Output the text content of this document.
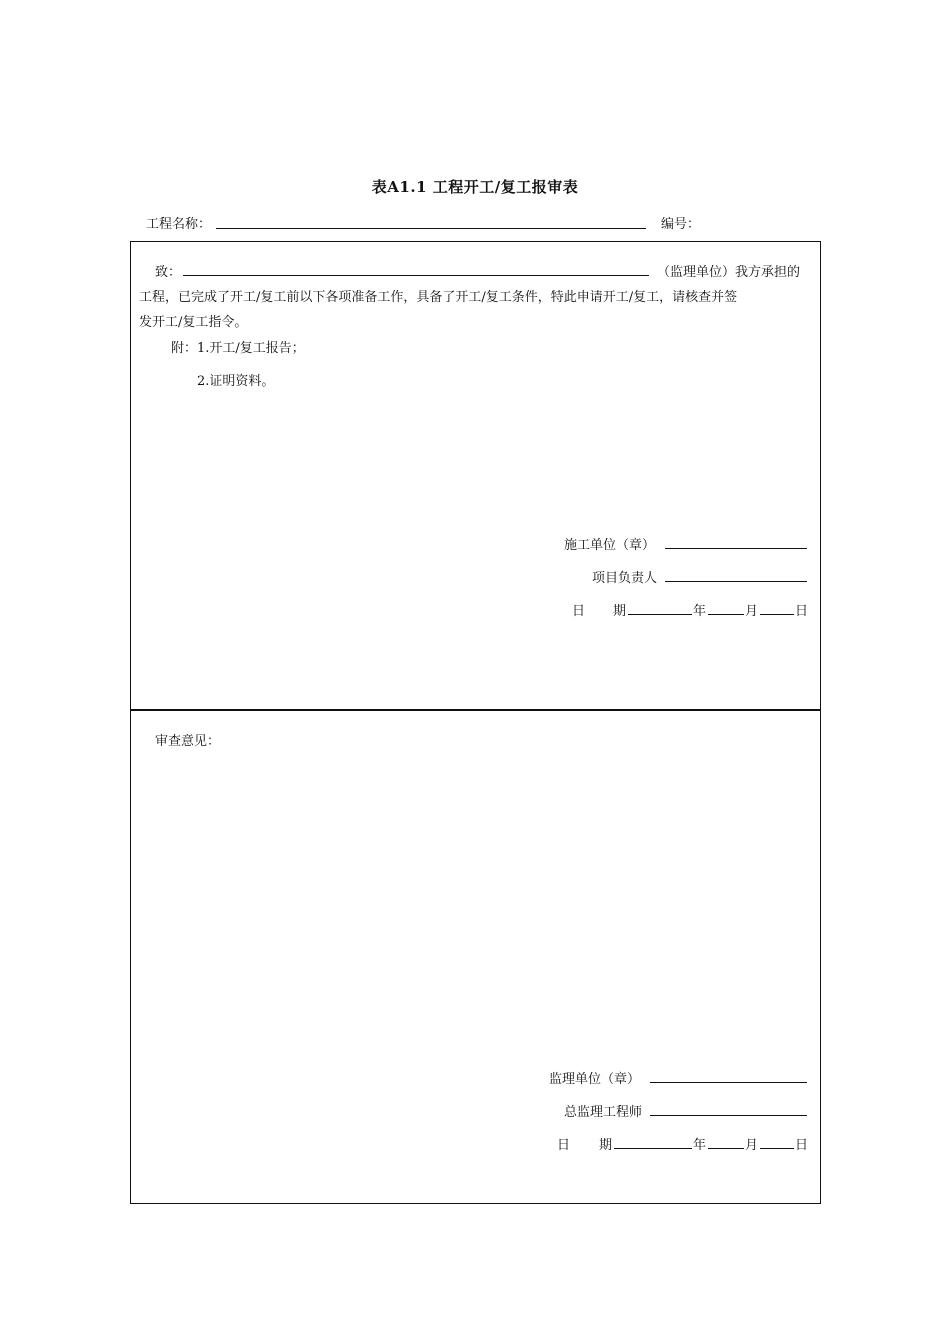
表A1.1 工程开工/复工报审表
工程名称：	编号：
致：	（监理单位）我方承担的
工程，已完成了开工/复工前以下各项准备工作，具备了开工/复工条件，特此申请开工/复工，请核查并签
发开工/复工指令。
附：1.开工/复工报告；
2.证明资料。
施工单位（章）
项目负责人
日 期	年	月	日
审查意见：
监理单位（章）
总监理工程师
日 期	年	月	日
